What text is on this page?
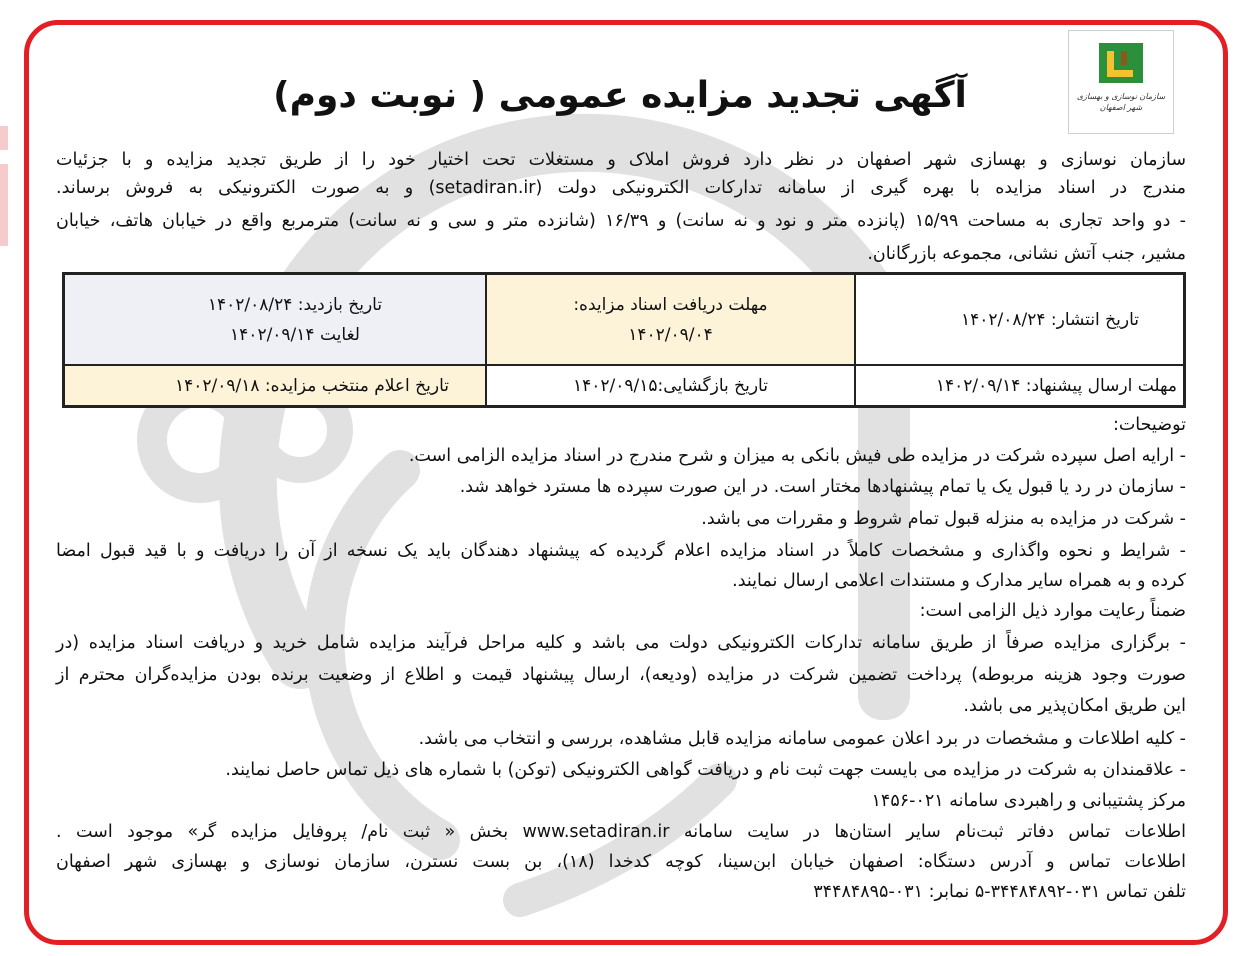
سازمان نوسازی و بهسازی شهر اصفهان
آگهی تجدید مزایده عمومی ( نوبت دوم)
سازمان نوسازی و بهسازی شهر اصفهان در نظر دارد فروش املاک و مستغلات تحت اختیار خود را از طریق تجدید مزایده و با جزئیات
مندرج در اسناد مزایده با بهره گیری از سامانه تدارکات الکترونیکی دولت (setadiran.ir) و به صورت الکترونیکی به فروش برساند.
- دو واحد تجاری به مساحت ۱۵/۹۹ (پانزده متر و نود و نه سانت) و ۱۶/۳۹ (شانزده متر و سی و نه سانت) مترمربع واقع در خیابان هاتف، خیابان
مشیر، جنب آتش نشانی، مجموعه بازرگانان.
تاریخ انتشار: ۱۴۰۲/۰۸/۲۴
مهلت دریافت اسناد مزایده:
۱۴۰۲/۰۹/۰۴
تاریخ بازدید: ۱۴۰۲/۰۸/۲۴
لغایت ۱۴۰۲/۰۹/۱۴
مهلت ارسال پیشنهاد: ۱۴۰۲/۰۹/۱۴
تاریخ بازگشایی:۱۴۰۲/۰۹/۱۵
تاریخ اعلام منتخب مزایده: ۱۴۰۲/۰۹/۱۸
توضیحات:
- ارایه اصل سپرده شرکت در مزایده طی فیش بانکی به میزان و شرح مندرج در اسناد مزایده الزامی است.
- سازمان در رد یا قبول یک یا تمام پیشنهادها مختار است. در این صورت سپرده ها مسترد خواهد شد.
- شرکت در مزایده به منزله قبول تمام شروط و مقررات می باشد.
- شرایط و نحوه واگذاری و مشخصات کاملاً در اسناد مزایده اعلام گردیده که پیشنهاد دهندگان باید یک نسخه از آن را دریافت و با قید قبول امضا
کرده و به همراه سایر مدارک و مستندات اعلامی ارسال نمایند.
ضمناً رعایت موارد ذیل الزامی است:
- برگزاری مزایده صرفاً از طریق سامانه تدارکات الکترونیکی دولت می باشد و کلیه مراحل فرآیند مزایده شامل خرید و دریافت اسناد مزایده (در
صورت وجود هزینه مربوطه) پرداخت تضمین شرکت در مزایده (ودیعه)، ارسال پیشنهاد قیمت و اطلاع از وضعیت برنده بودن مزایده‌گران محترم از
این طریق امکان‌پذیر می باشد.
- کلیه اطلاعات و مشخصات در برد اعلان عمومی سامانه مزایده قابل مشاهده، بررسی و انتخاب می باشد.
- علاقمندان به شرکت در مزایده می بایست جهت ثبت نام و دریافت گواهی الکترونیکی (توکن) با شماره های ذیل تماس حاصل نمایند.
مرکز پشتیبانی و راهبردی سامانه ۰۲۱-۱۴۵۶
اطلاعات تماس دفاتر ثبت‌نام سایر استان‌ها در سایت سامانه www.setadiran.ir بخش « ثبت نام/ پروفایل مزایده گر» موجود است .
اطلاعات تماس و آدرس دستگاه: اصفهان خیابان ابن‌سینا، کوچه کدخدا (۱۸)، بن بست نسترن، سازمان نوسازی و بهسازی شهر اصفهان
تلفن تماس ۰۳۱-۳۴۴۸۴۸۹۲-۵ نمابر: ۰۳۱-۳۴۴۸۴۸۹۵
